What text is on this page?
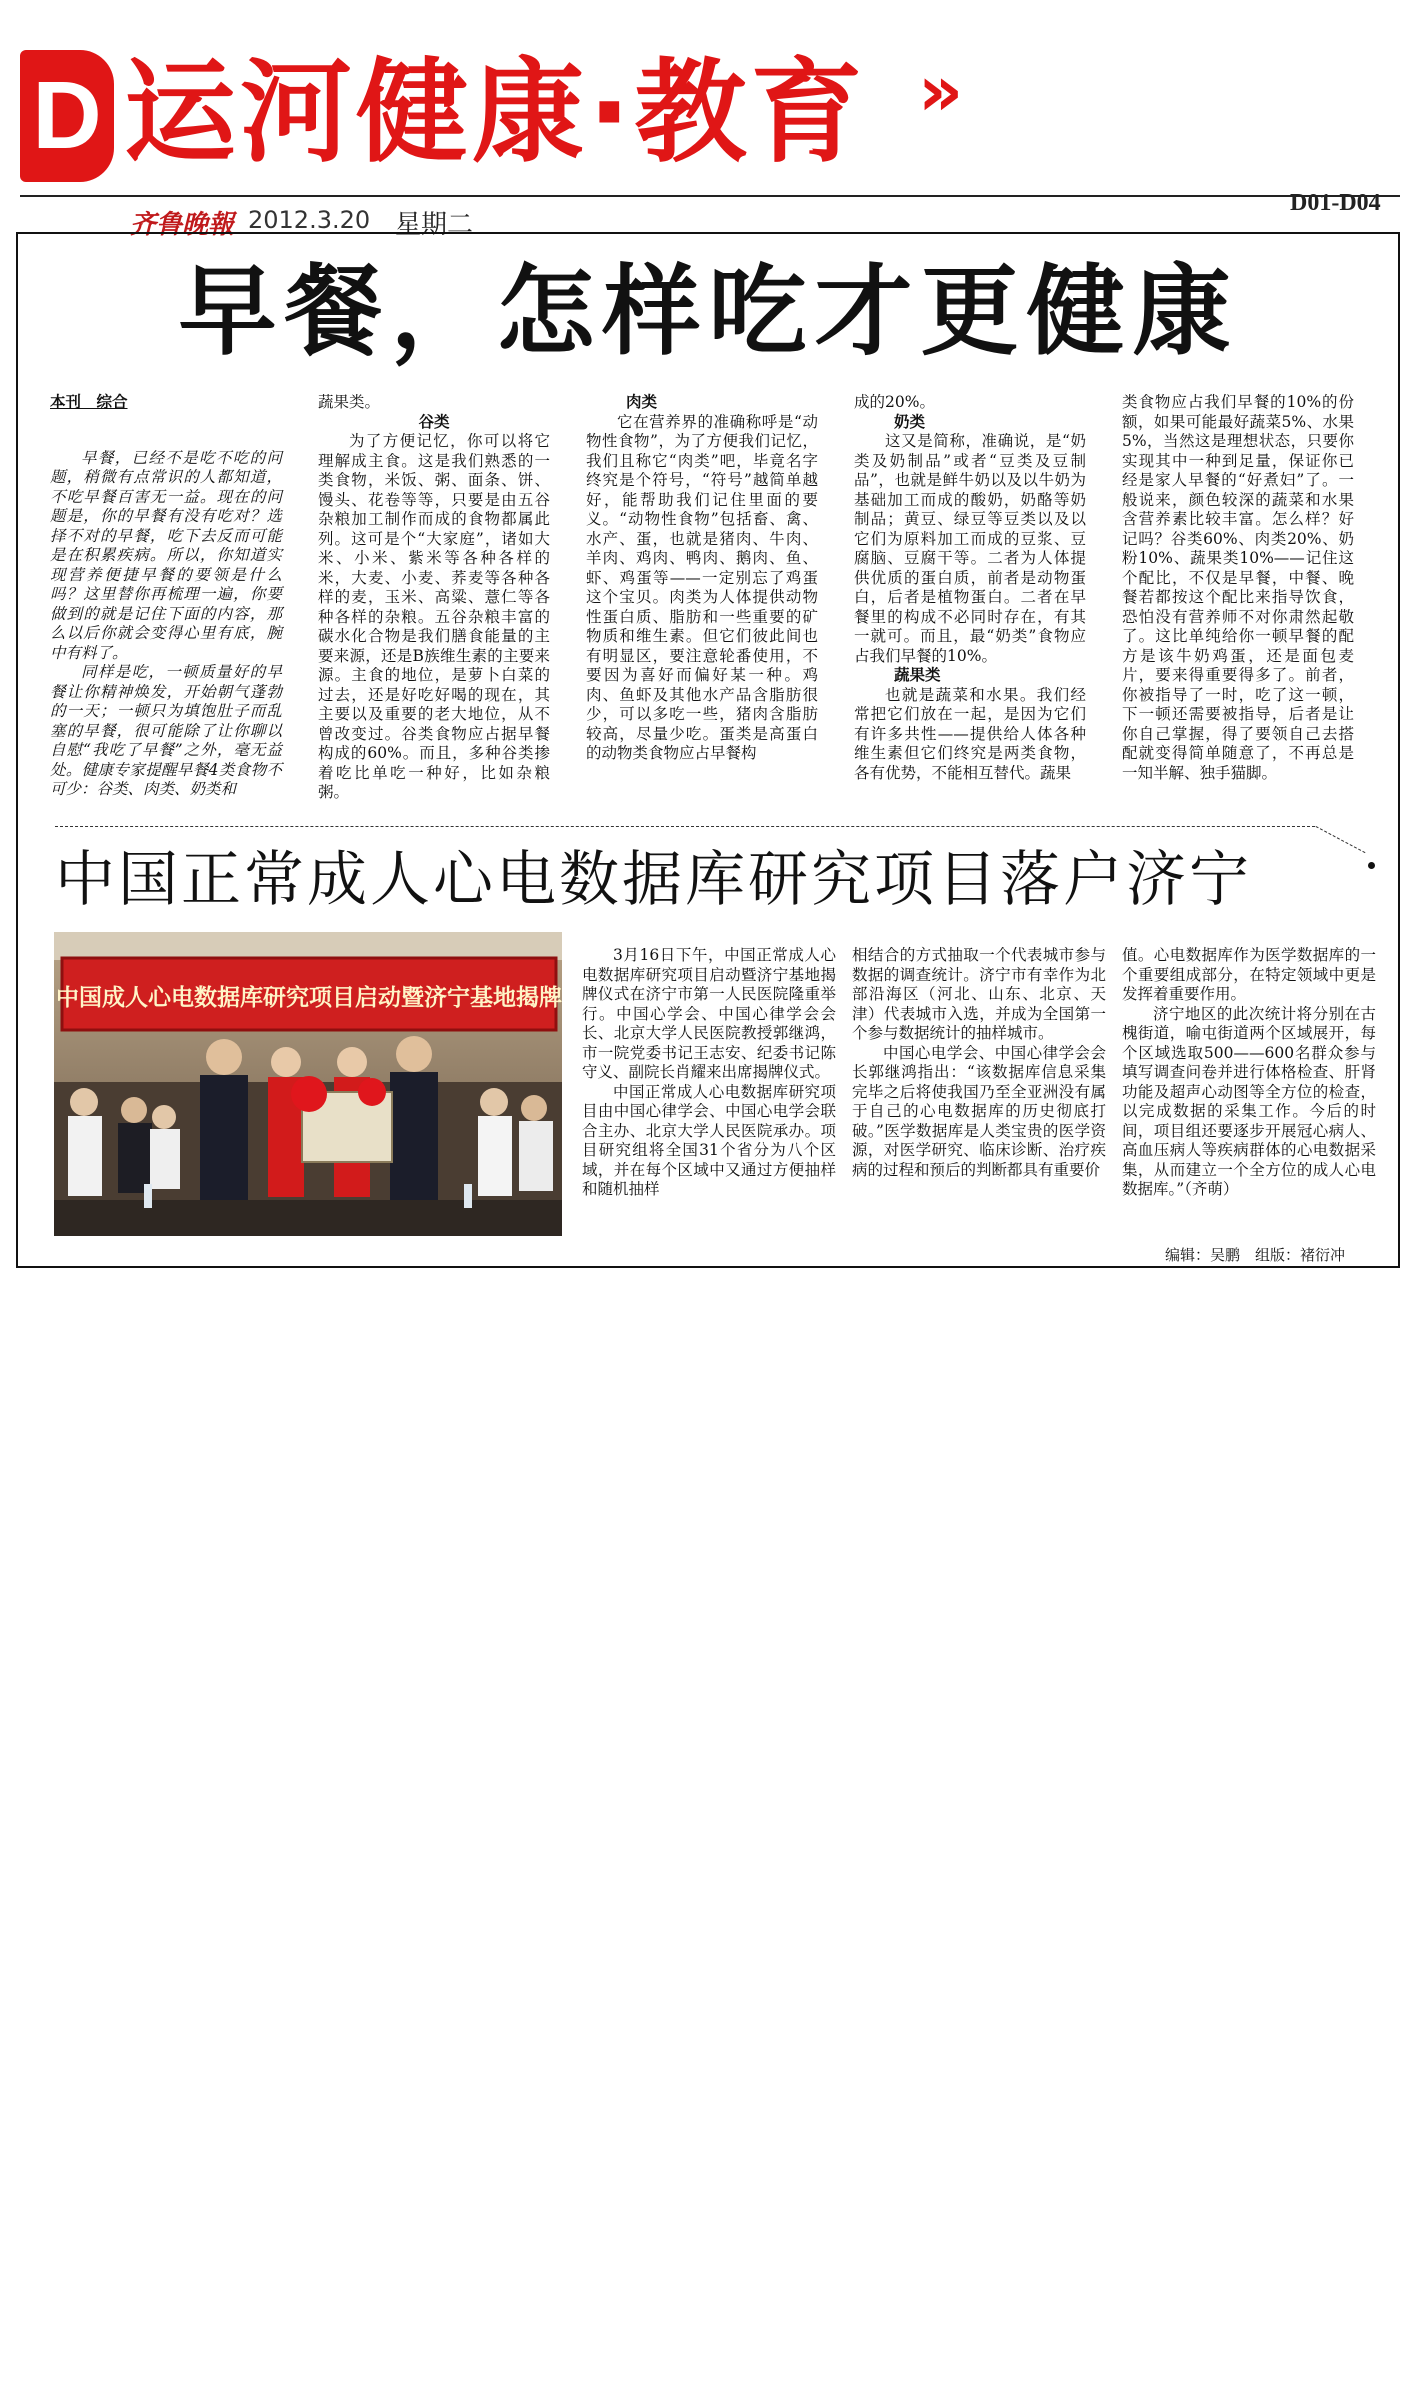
D 运河健康·教育 »
齐鲁晚報 2012.3.20 星期二
D01-D04
早餐，怎样吃才更健康

本刊　综合

早餐，已经不是吃不吃的问题，稍微有点常识的人都知道，不吃早餐百害无一益。现在的问题是，你的早餐有没有吃对？选择不对的早餐，吃下去反而可能是在积累疾病。所以，你知道实现营养便捷早餐的要领是什么吗？这里替你再梳理一遍，你要做到的就是记住下面的内容，那么以后你就会变得心里有底，腕中有料了。

同样是吃，一顿质量好的早餐让你精神焕发，开始朝气蓬勃的一天；一顿只为填饱肚子而乱塞的早餐，很可能除了让你聊以自慰“我吃了早餐”之外，毫无益处。健康专家提醒早餐4类食物不可少：谷类、肉类、奶类和

蔬果类。

谷类

为了方便记忆，你可以将它理解成主食。这是我们熟悉的一类食物，米饭、粥、面条、饼、馒头、花卷等等，只要是由五谷杂粮加工制作而成的食物都属此列。这可是个“大家庭”，诸如大米、小米、紫米等各种各样的米，大麦、小麦、荞麦等各种各样的麦，玉米、高粱、薏仁等各种各样的杂粮。五谷杂粮丰富的碳水化合物是我们膳食能量的主要来源，还是B族维生素的主要来源。主食的地位，是萝卜白菜的过去，还是好吃好喝的现在，其主要以及重要的老大地位，从不曾改变过。谷类食物应占据早餐构成的60%。而且，多种谷类掺着吃比单吃一种好，比如杂粮粥。

肉类

它在营养界的准确称呼是“动物性食物”，为了方便我们记忆，我们且称它“肉类”吧，毕竟名字终究是个符号，“符号”越简单越好，能帮助我们记住里面的要义。“动物性食物”包括畜、禽、水产、蛋，也就是猪肉、牛肉、羊肉、鸡肉、鸭肉、鹅肉、鱼、虾、鸡蛋等——一定别忘了鸡蛋这个宝贝。肉类为人体提供动物性蛋白质、脂肪和一些重要的矿物质和维生素。但它们彼此间也有明显区，要注意轮番使用，不要因为喜好而偏好某一种。鸡肉、鱼虾及其他水产品含脂肪很少，可以多吃一些，猪肉含脂肪较高，尽量少吃。蛋类是高蛋白的动物类食物应占早餐构

成的20%。

奶类

这又是简称，准确说，是“奶类及奶制品”或者“豆类及豆制品”，也就是鲜牛奶以及以牛奶为基础加工而成的酸奶，奶酪等奶制品；黄豆、绿豆等豆类以及以它们为原料加工而成的豆浆、豆腐脑、豆腐干等。二者为人体提供优质的蛋白质，前者是动物蛋白，后者是植物蛋白。二者在早餐里的构成不必同时存在，有其一就可。而且，最“奶类”食物应占我们早餐的10%。

蔬果类

也就是蔬菜和水果。我们经常把它们放在一起，是因为它们有许多共性——提供给人体各种维生素但它们终究是两类食物，各有优势，不能相互替代。蔬果

类食物应占我们早餐的10%的份额，如果可能最好蔬菜5%、水果5%，当然这是理想状态，只要你实现其中一种到足量，保证你已经是家人早餐的“好煮妇”了。一般说来，颜色较深的蔬菜和水果含营养素比较丰富。怎么样？好记吗？谷类60%、肉类20%、奶粉10%、蔬果类10%——记住这个配比，不仅是早餐，中餐、晚餐若都按这个配比来指导饮食，恐怕没有营养师不对你肃然起敬了。这比单纯给你一顿早餐的配方是该牛奶鸡蛋，还是面包麦片，要来得重要得多了。前者，你被指导了一时，吃了这一顿，下一顿还需要被指导，后者是让你自己掌握，得了要领自己去搭配就变得简单随意了，不再总是一知半解、独手猫脚。

中国正常成人心电数据库研究项目落户济宁
中国成人心电数据库研究项目启动暨济宁基地揭牌

3月16日下午，中国正常成人心电数据库研究项目启动暨济宁基地揭牌仪式在济宁市第一人民医院隆重举行。中国心学会、中国心律学会会长、北京大学人民医院教授郭继鸿，市一院党委书记王志安、纪委书记陈守义、副院长肖耀来出席揭牌仪式。

中国正常成人心电数据库研究项目由中国心律学会、中国心电学会联合主办、北京大学人民医院承办。项目研究组将全国31个省分为八个区域，并在每个区域中又通过方便抽样和随机抽样

相结合的方式抽取一个代表城市参与数据的调查统计。济宁市有幸作为北部沿海区（河北、山东、北京、天津）代表城市入选，并成为全国第一个参与数据统计的抽样城市。

中国心电学会、中国心律学会会长郭继鸿指出：“该数据库信息采集完毕之后将使我国乃至全亚洲没有属于自己的心电数据库的历史彻底打破。”医学数据库是人类宝贵的医学资源，对医学研究、临床诊断、治疗疾病的过程和预后的判断都具有重要价

值。心电数据库作为医学数据库的一个重要组成部分，在特定领域中更是发挥着重要作用。

济宁地区的此次统计将分别在古槐街道，喻屯街道两个区域展开，每个区域选取500——600名群众参与填写调查问卷并进行体格检查、肝肾功能及超声心动图等全方位的检查，以完成数据的采集工作。今后的时间，项目组还要逐步开展冠心病人、高血压病人等疾病群体的心电数据采集，从而建立一个全方位的成人心电数据库。”（齐萌）

编辑：吴鹏　组版：褚衍冲
